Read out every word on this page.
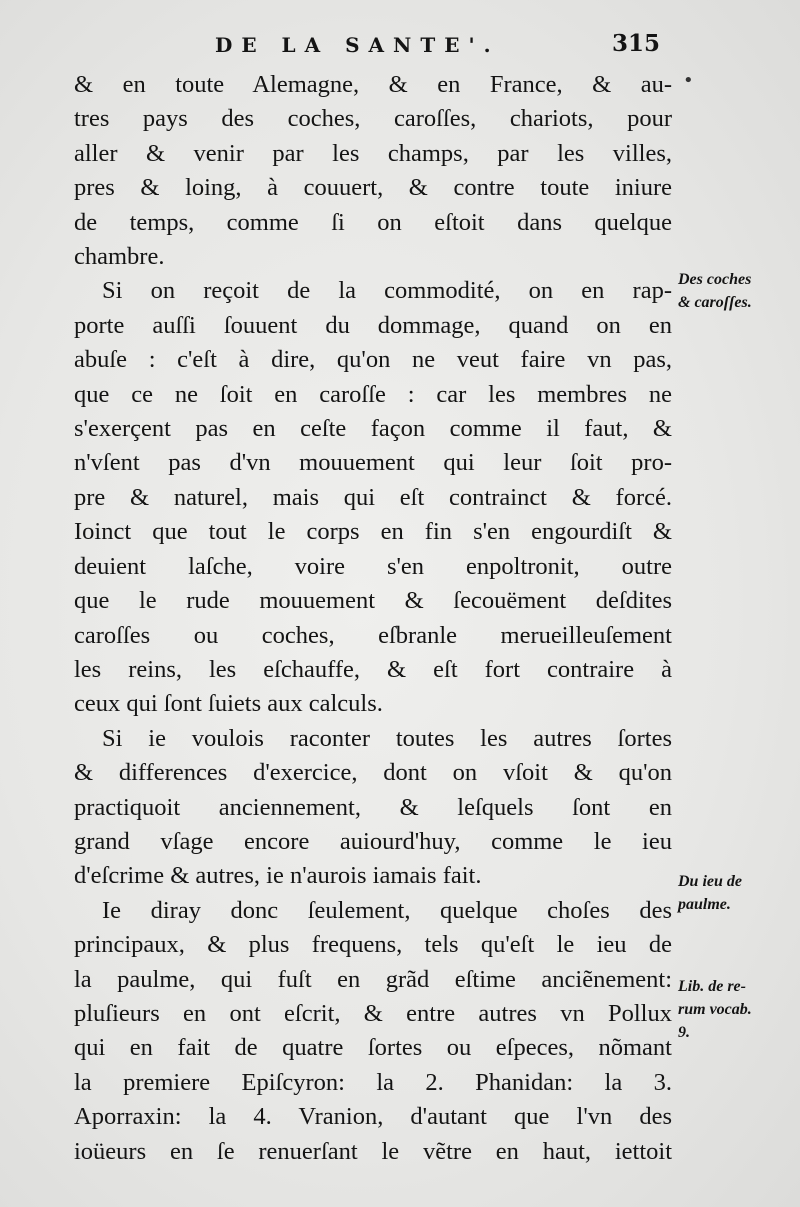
DE LA SANTE'.	315
•
& en toute Alemagne, & en France, & au-
tres pays des coches, caroſſes, chariots, pour
aller & venir par les champs, par les villes,
pres & loing, à couuert, & contre toute iniure
de temps, comme ſi on eſtoit dans quelque
chambre.
Si on reçoit de la commodité, on en rap-
porte auſſi ſouuent du dommage, quand on en
abuſe : c'eſt à dire, qu'on ne veut faire vn pas,
que ce ne ſoit en caroſſe : car les membres ne
s'exerçent pas en ceſte façon comme il faut, &
n'vſent pas d'vn mouuement qui leur ſoit pro-
pre & naturel, mais qui eſt contrainct & forcé.
Ioinct que tout le corps en fin s'en engourdiſt &
deuient laſche, voire s'en enpoltronit, outre
que le rude mouuement & ſecouëment deſdites
caroſſes ou coches, eſbranle merueilleuſement
les reins, les eſchauffe, & eſt fort contraire à
ceux qui ſont ſuiets aux calculs.
Si ie voulois raconter toutes les autres ſortes
& differences d'exercice, dont on vſoit & qu'on
practiquoit anciennement, & leſquels ſont en
grand vſage encore auiourd'huy, comme le ieu
d'eſcrime & autres, ie n'aurois iamais fait.
Ie diray donc ſeulement, quelque choſes des
principaux, & plus frequens, tels qu'eſt le ieu de
la paulme, qui fuſt en grãd eſtime anciẽnement:
pluſieurs en ont eſcrit, & entre autres vn Pollux
qui en fait de quatre ſortes ou eſpeces, nõmant
la premiere Epiſcyron: la 2. Phanidan: la 3.
Aporraxin: la 4. Vranion, d'autant que l'vn des
ioüeurs en ſe renuerſant le vẽtre en haut, iettoit
Des coches
& caroſſes.
Du ieu de
paulme.
Lib. de re-
rum vocab.
9.
